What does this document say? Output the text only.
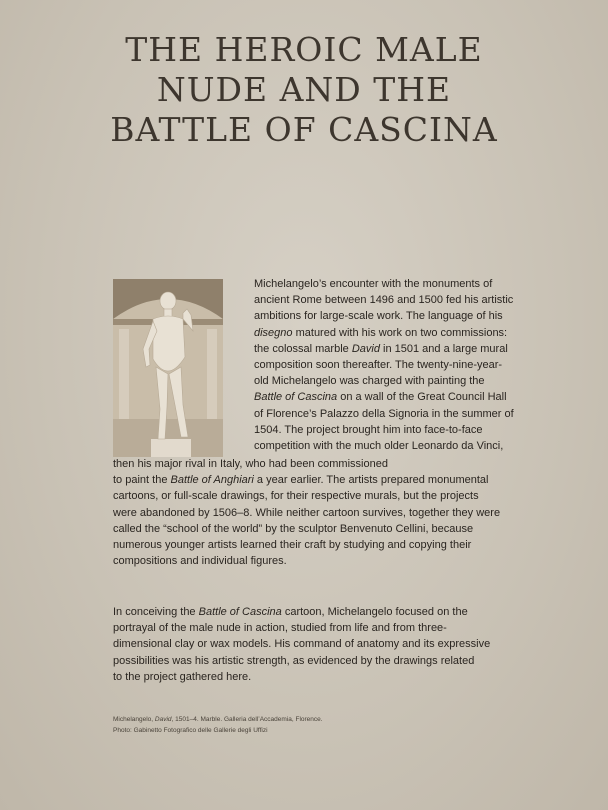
THE HEROIC MALE
NUDE AND THE
BATTLE OF CASCINA

Michelangelo’s encounter with the monuments of
ancient Rome between 1496 and 1500 fed his artistic
ambitions for large-scale work. The language of his
disegno matured with his work on two commissions:
the colossal marble David in 1501 and a large mural
composition soon thereafter. The twenty-nine-year-
old Michelangelo was charged with painting the
Battle of Cascina on a wall of the Great Council Hall
of Florence’s Palazzo della Signoria in the summer of
1504. The project brought him into face-to-face
competition with the much older Leonardo da Vinci,

then his major rival in Italy, who had been commissioned
to paint the Battle of Anghiari a year earlier. The artists prepared monumental
cartoons, or full-scale drawings, for their respective murals, but the projects
were abandoned by 1506–8. While neither cartoon survives, together they were
called the “school of the world” by the sculptor Benvenuto Cellini, because
numerous younger artists learned their craft by studying and copying their
compositions and individual figures.

In conceiving the Battle of Cascina cartoon, Michelangelo focused on the
portrayal of the male nude in action, studied from life and from three-
dimensional clay or wax models. His command of anatomy and its expressive
possibilities was his artistic strength, as evidenced by the drawings related
to the project gathered here.

Michelangelo, David, 1501–4. Marble. Galleria dell’Accademia, Florence.
Photo: Gabinetto Fotografico delle Gallerie degli Uffizi
